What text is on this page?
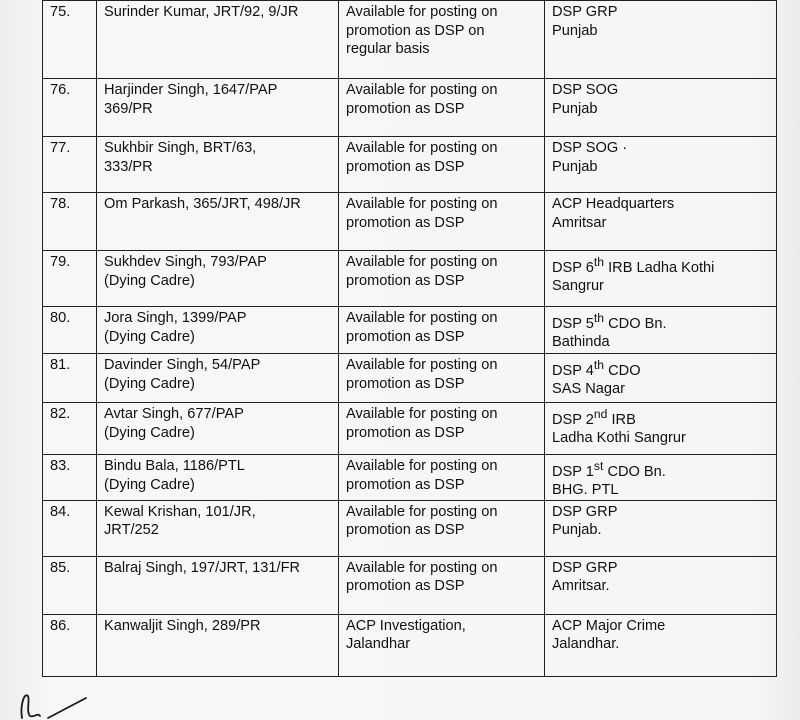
75.	Surinder Kumar, JRT/92, 9/JR	Available for posting on
promotion as DSP on
regular basis	DSP GRP
Punjab
76.	Harjinder Singh, 1647/PAP
369/PR	Available for posting on
promotion as DSP	DSP SOG
Punjab
77.	Sukhbir Singh, BRT/63,
333/PR	Available for posting on
promotion as DSP	DSP SOG ·
Punjab
78.	Om Parkash, 365/JRT, 498/JR	Available for posting on
promotion as DSP	ACP Headquarters
Amritsar
79.	Sukhdev Singh, 793/PAP
(Dying Cadre)	Available for posting on
promotion as DSP	DSP 6th IRB Ladha Kothi
Sangrur
80.	Jora Singh, 1399/PAP
(Dying Cadre)	Available for posting on
promotion as DSP	DSP 5th CDO Bn.
Bathinda
81.	Davinder Singh, 54/PAP
(Dying Cadre)	Available for posting on
promotion as DSP	DSP 4th CDO
SAS Nagar
82.	Avtar Singh, 677/PAP
(Dying Cadre)	Available for posting on
promotion as DSP	DSP 2nd IRB
Ladha Kothi Sangrur
83.	Bindu Bala, 1186/PTL
(Dying Cadre)	Available for posting on
promotion as DSP	DSP 1st CDO Bn.
BHG. PTL
84.	Kewal Krishan, 101/JR,
JRT/252	Available for posting on
promotion as DSP	DSP GRP
Punjab.
85.	Balraj Singh, 197/JRT, 131/FR	Available for posting on
promotion as DSP	DSP GRP
Amritsar.
86.	Kanwaljit Singh, 289/PR	ACP Investigation,
Jalandhar	ACP Major Crime
Jalandhar.
